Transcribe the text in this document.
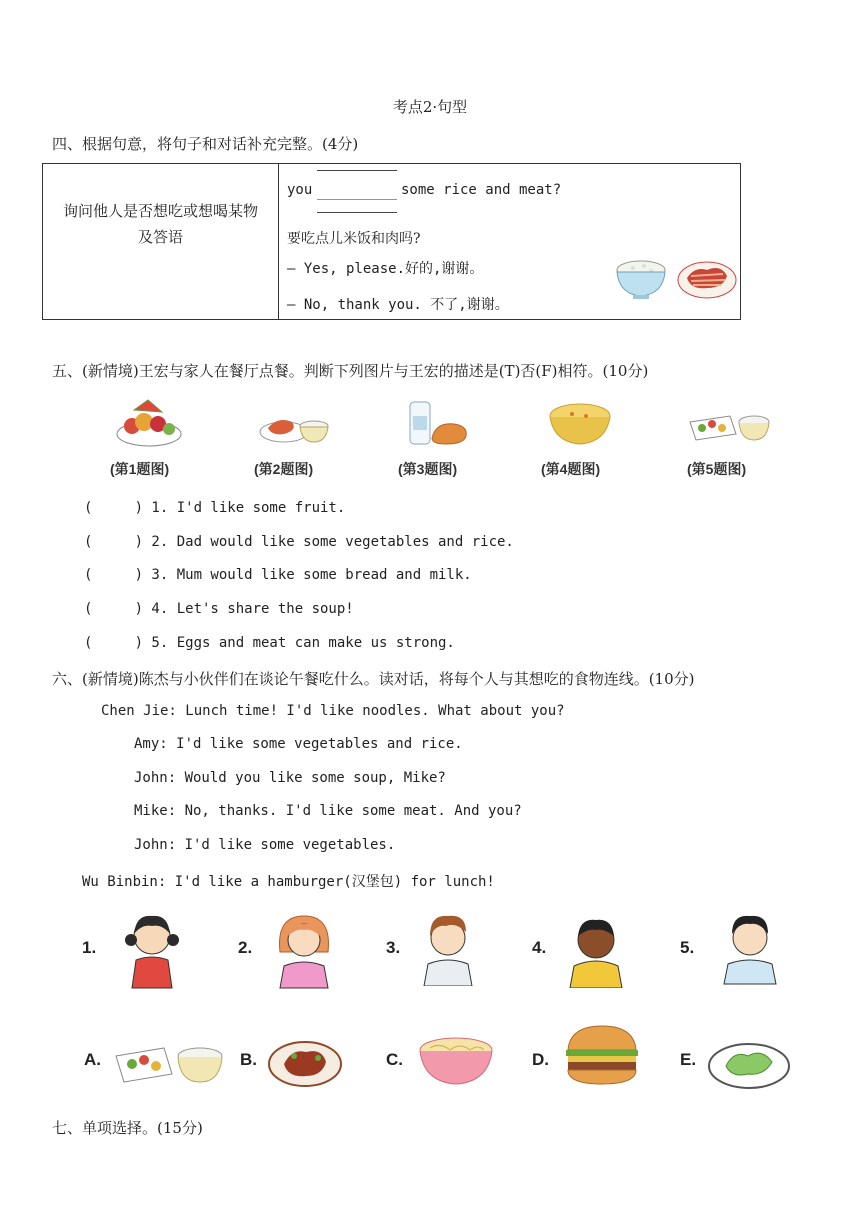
考点2·句型
四、根据句意，将句子和对话补充完整。(4分)
询问他人是否想吃或想喝某物及答语

you	some rice and meat?
要吃点儿米饭和肉吗?
— Yes, please.好的,谢谢。
— No, thank you. 不了,谢谢。
五、(新情境)王宏与家人在餐厅点餐。判断下列图片与王宏的描述是(T)否(F)相符。(10分)
(第1题图)	(第2题图)	(第3题图)	(第4题图)	(第5题图)
(     ) 1. I'd like some fruit.
(     ) 2. Dad would like some vegetables and rice.
(     ) 3. Mum would like some bread and milk.
(     ) 4. Let's share the soup!
(     ) 5. Eggs and meat can make us strong.
六、(新情境)陈杰与小伙伴们在谈论午餐吃什么。读对话，将每个人与其想吃的食物连线。(10分)
Chen Jie: Lunch time! I'd like noodles. What about you?
Amy: I'd like some vegetables and rice.
John: Would you like some soup, Mike?
Mike: No, thanks. I'd like some meat. And you?
John: I'd like some vegetables.
Wu Binbin: I'd like a hamburger(汉堡包) for lunch!
1.	2.	3.	4.	5.
A.	B.	C.	D.	E.
七、单项选择。(15分)
